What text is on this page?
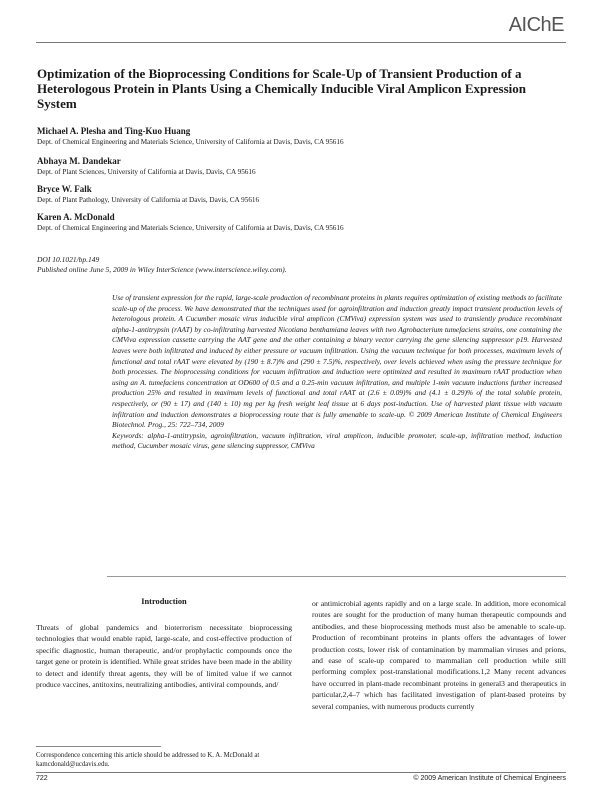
AIChE
Optimization of the Bioprocessing Conditions for Scale-Up of Transient Production of a Heterologous Protein in Plants Using a Chemically Inducible Viral Amplicon Expression System
Michael A. Plesha and Ting-Kuo Huang
Dept. of Chemical Engineering and Materials Science, University of California at Davis, Davis, CA 95616
Abhaya M. Dandekar
Dept. of Plant Sciences, University of California at Davis, Davis, CA 95616
Bryce W. Falk
Dept. of Plant Pathology, University of California at Davis, Davis, CA 95616
Karen A. McDonald
Dept. of Chemical Engineering and Materials Science, University of California at Davis, Davis, CA 95616
DOI 10.1021/bp.149
Published online June 5, 2009 in Wiley InterScience (www.interscience.wiley.com).
Use of transient expression for the rapid, large-scale production of recombinant proteins in plants requires optimization of existing methods to facilitate scale-up of the process. We have demonstrated that the techniques used for agroinfiltration and induction greatly impact transient production levels of heterologous protein. A Cucumber mosaic virus inducible viral amplicon (CMViva) expression system was used to transiently produce recombinant alpha-1-antitrypsin (rAAT) by co-infiltrating harvested Nicotiana benthamiana leaves with two Agrobacterium tumefaciens strains, one containing the CMViva expression cassette carrying the AAT gene and the other containing a binary vector carrying the gene silencing suppressor p19. Harvested leaves were both infiltrated and induced by either pressure or vacuum infiltration. Using the vacuum technique for both processes, maximum levels of functional and total rAAT were elevated by (190 ± 8.7)% and (290 ± 7.5)%, respectively, over levels achieved when using the pressure technique for both processes. The bioprocessing conditions for vacuum infiltration and induction were optimized and resulted in maximum rAAT production when using an A. tumefaciens concentration at OD600 of 0.5 and a 0.25-min vacuum infiltration, and multiple 1-min vacuum inductions further increased production 25% and resulted in maximum levels of functional and total rAAT at (2.6 ± 0.09)% and (4.1 ± 0.29)% of the total soluble protein, respectively, or (90 ± 17) and (140 ± 10) mg per kg fresh weight leaf tissue at 6 days post-induction. Use of harvested plant tissue with vacuum infiltration and induction demonstrates a bioprocessing route that is fully amenable to scale-up. © 2009 American Institute of Chemical Engineers Biotechnol. Prog., 25: 722–734, 2009
Keywords: alpha-1-antitrypsin, agroinfiltration, vacuum infiltration, viral amplicon, inducible promoter, scale-up, infiltration method, induction method, Cucumber mosaic virus, gene silencing suppressor, CMViva
Introduction
Threats of global pandemics and bioterrorism necessitate bioprocessing technologies that would enable rapid, large-scale, and cost-effective production of specific diagnostic, human therapeutic, and/or prophylactic compounds once the target gene or protein is identified. While great strides have been made in the ability to detect and identify threat agents, they will be of limited value if we cannot produce vaccines, antitoxins, neutralizing antibodies, antiviral compounds, and/
or antimicrobial agents rapidly and on a large scale. In addition, more economical routes are sought for the production of many human therapeutic compounds and antibodies, and these bioprocessing methods must also be amenable to scale-up. Production of recombinant proteins in plants offers the advantages of lower production costs, lower risk of contamination by mammalian viruses and prions, and ease of scale-up compared to mammalian cell production while still performing complex post-translational modifications.1,2 Many recent advances have occurred in plant-made recombinant proteins in general3 and therapeutics in particular,2,4–7 which has facilitated investigation of plant-based proteins by several companies, with numerous products currently
Correspondence concerning this article should be addressed to K. A. McDonald at kamcdonald@ucdavis.edu.
722	© 2009 American Institute of Chemical Engineers
